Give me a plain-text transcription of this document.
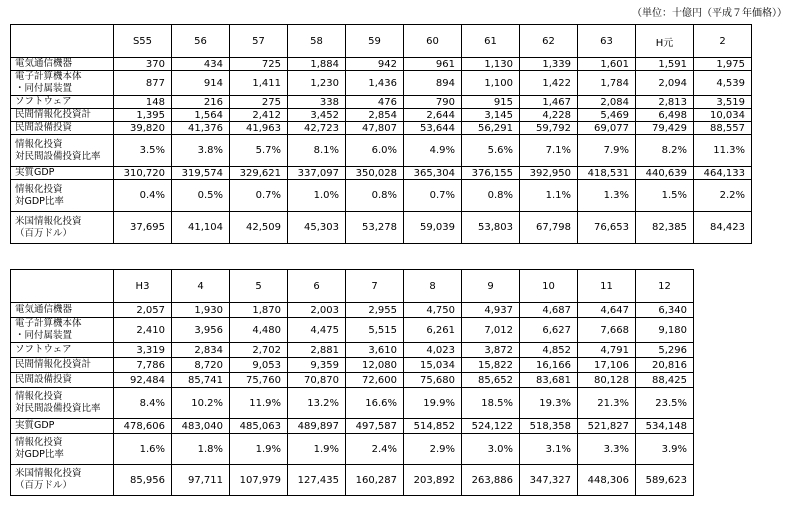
（単位：十億円（平成７年価格））
	S55	56	57	58	59	60	61	62	63	H元	2
電気通信機器	370	434	725	1,884	942	961	1,130	1,339	1,601	1,591	1,975
電子計算機本体
・同付属装置	877	914	1,411	1,230	1,436	894	1,100	1,422	1,784	2,094	4,539
ソフトウェア	148	216	275	338	476	790	915	1,467	2,084	2,813	3,519
民間情報化投資計	1,395	1,564	2,412	3,452	2,854	2,644	3,145	4,228	5,469	6,498	10,034
民間設備投資	39,820	41,376	41,963	42,723	47,807	53,644	56,291	59,792	69,077	79,429	88,557
情報化投資
対民間設備投資比率	3.5%	3.8%	5.7%	8.1%	6.0%	4.9%	5.6%	7.1%	7.9%	8.2%	11.3%
実質GDP	310,720	319,574	329,621	337,097	350,028	365,304	376,155	392,950	418,531	440,639	464,133
情報化投資
対GDP比率	0.4%	0.5%	0.7%	1.0%	0.8%	0.7%	0.8%	1.1%	1.3%	1.5%	2.2%
米国情報化投資
（百万ドル）	37,695	41,104	42,509	45,303	53,278	59,039	53,803	67,798	76,653	82,385	84,423
	H3	4	5	6	7	8	9	10	11	12
電気通信機器	2,057	1,930	1,870	2,003	2,955	4,750	4,937	4,687	4,647	6,340
電子計算機本体
・同付属装置	2,410	3,956	4,480	4,475	5,515	6,261	7,012	6,627	7,668	9,180
ソフトウェア	3,319	2,834	2,702	2,881	3,610	4,023	3,872	4,852	4,791	5,296
民間情報化投資計	7,786	8,720	9,053	9,359	12,080	15,034	15,822	16,166	17,106	20,816
民間設備投資	92,484	85,741	75,760	70,870	72,600	75,680	85,652	83,681	80,128	88,425
情報化投資
対民間設備投資比率	8.4%	10.2%	11.9%	13.2%	16.6%	19.9%	18.5%	19.3%	21.3%	23.5%
実質GDP	478,606	483,040	485,063	489,897	497,587	514,852	524,122	518,358	521,827	534,148
情報化投資
対GDP比率	1.6%	1.8%	1.9%	1.9%	2.4%	2.9%	3.0%	3.1%	3.3%	3.9%
米国情報化投資
（百万ドル）	85,956	97,711	107,979	127,435	160,287	203,892	263,886	347,327	448,306	589,623
